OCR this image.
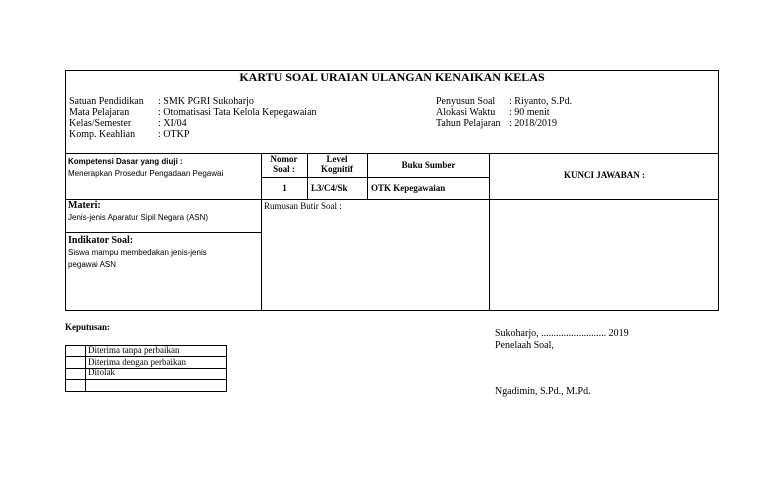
KARTU SOAL URAIAN ULANGAN KENAIKAN KELAS
Satuan Pendidikan : SMK PGRI Sukoharjo
Mata Pelajaran	: Otomatisasi Tata Kelola Kepegawaian
Kelas/Semester	: XI/04
Komp. Keahlian : OTKP
Penyusun Soal : Riyanto, S.Pd.
Alokasi Waktu : 90 menit
Tahun Pelajaran : 2018/2019
Kompetensi Dasar yang diuji :
Menerapkan Prosedur Pengadaan Pegawai
Nomor Soal :
1
Level Kognitif
L3/C4/Sk
Buku Sumber
OTK Kepegawaian
KUNCI JAWABAN :
Materi:
Jenis-jenis Aparatur Sipil Negara (ASN)
Indikator Soal:
Siswa mampu membedakan jenis-jenis
pegawai ASN
Rumusan Butir Soal :
Keputusan:
Diterima tanpa perbaikan
Diterima dengan perbaikan
Ditolak
Sukoharjo, .......................... 2019
Penelaah Soal,
Ngadimin, S.Pd., M.Pd.
